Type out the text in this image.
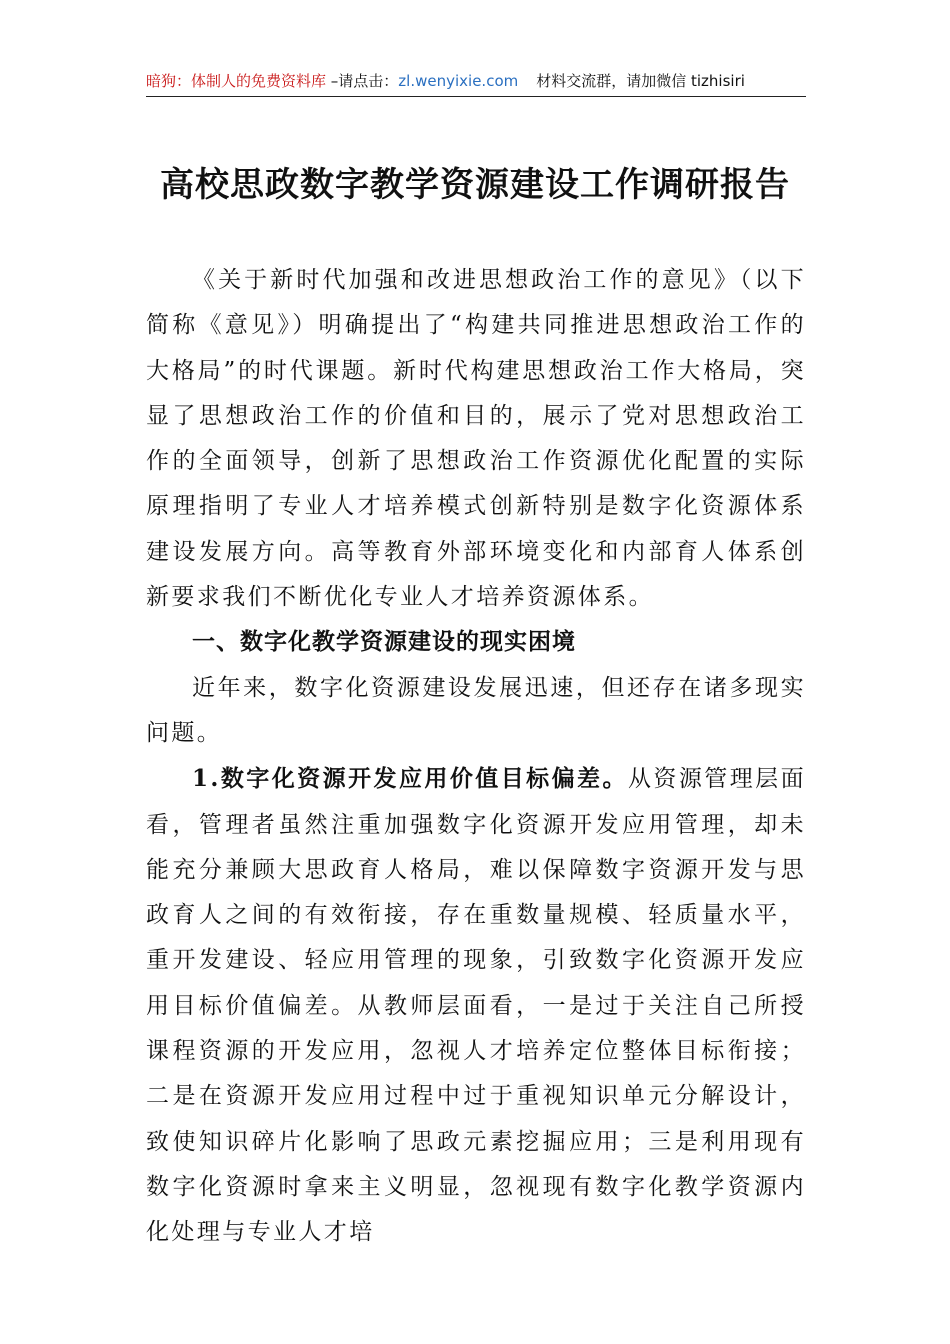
暗狗：体制人的免费资料库 –请点击：zl.wenyixie.com 材料交流群，请加微信 tizhisiri
高校思政数字教学资源建设工作调研报告

《关于新时代加强和改进思想政治工作的意见》（以下简称《意见》）明确提出了“构建共同推进思想政治工作的大格局”的时代课题。新时代构建思想政治工作大格局，突显了思想政治工作的价值和目的，展示了党对思想政治工作的全面领导，创新了思想政治工作资源优化配置的实际原理指明了专业人才培养模式创新特别是数字化资源体系建设发展方向。高等教育外部环境变化和内部育人体系创新要求我们不断优化专业人才培养资源体系。

一、数字化教学资源建设的现实困境

近年来，数字化资源建设发展迅速，但还存在诸多现实问题。

1.数字化资源开发应用价值目标偏差。从资源管理层面看，管理者虽然注重加强数字化资源开发应用管理，却未能充分兼顾大思政育人格局，难以保障数字资源开发与思政育人之间的有效衔接，存在重数量规模、轻质量水平，重开发建设、轻应用管理的现象，引致数字化资源开发应用目标价值偏差。从教师层面看，一是过于关注自己所授课程资源的开发应用，忽视人才培养定位整体目标衔接；二是在资源开发应用过程中过于重视知识单元分解设计，致使知识碎片化影响了思政元素挖掘应用；三是利用现有数字化资源时拿来主义明显，忽视现有数字化教学资源内化处理与专业人才培
